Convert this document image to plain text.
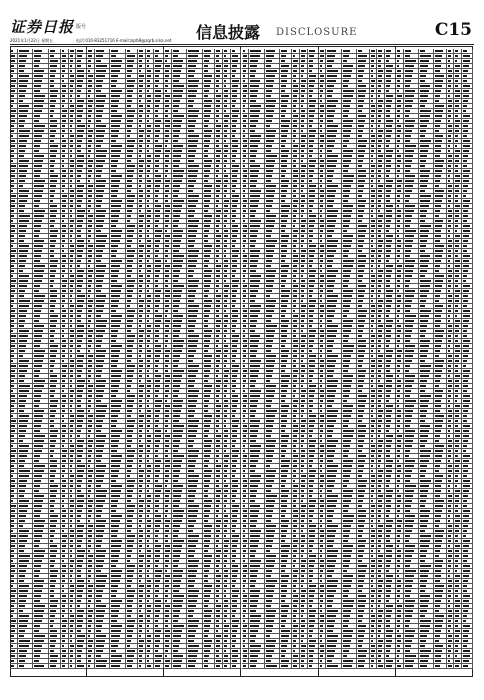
证券日报 版号
2021年1月22日 星期五	电话:010-83251716 E-mail:zqrb9@zqrb.sina.net 信息披露 DISCLOSURE	C15
